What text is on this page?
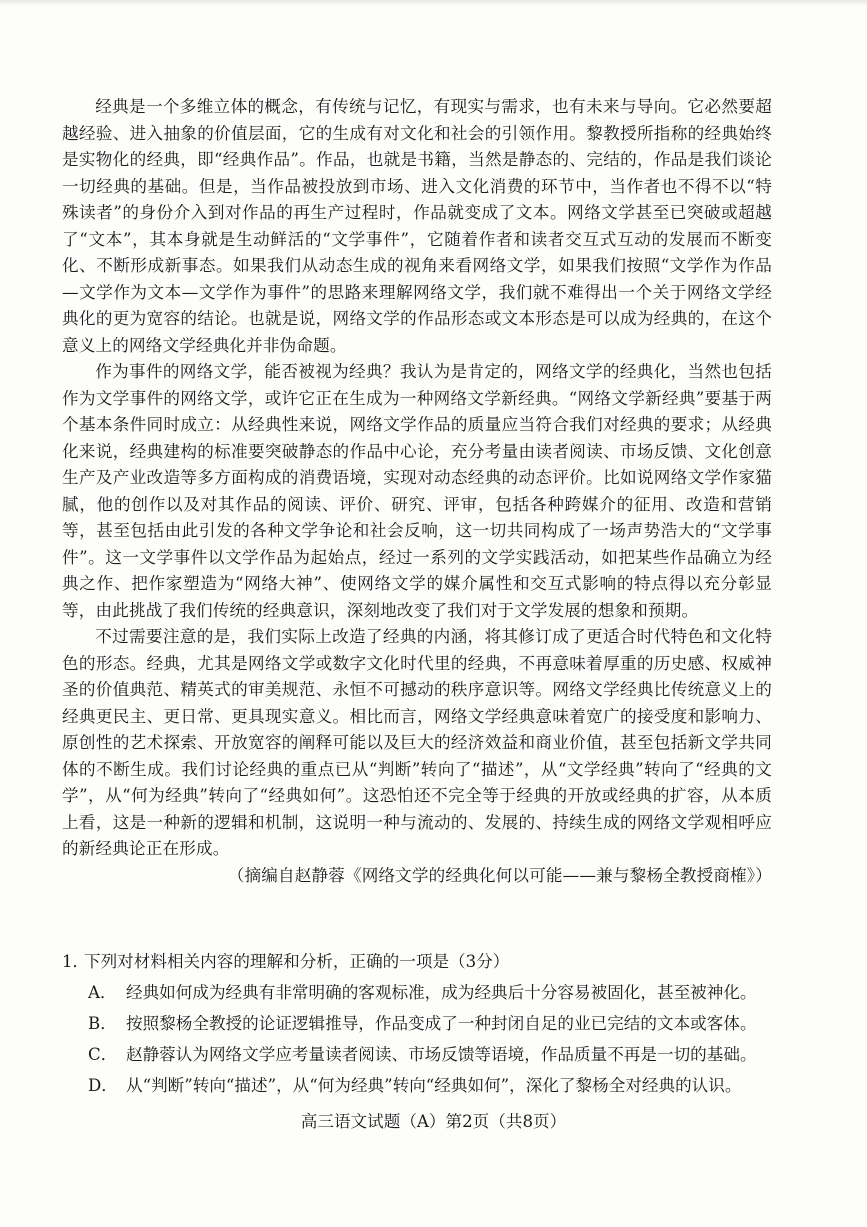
经典是一个多维立体的概念，有传统与记忆，有现实与需求，也有未来与导向。它必然要超越经验、进入抽象的价值层面，它的生成有对文化和社会的引领作用。黎教授所指称的经典始终是实物化的经典，即“经典作品”。作品，也就是书籍，当然是静态的、完结的，作品是我们谈论一切经典的基础。但是，当作品被投放到市场、进入文化消费的环节中，当作者也不得不以“特殊读者”的身份介入到对作品的再生产过程时，作品就变成了文本。网络文学甚至已突破或超越了“文本”，其本身就是生动鲜活的“文学事件”，它随着作者和读者交互式互动的发展而不断变化、不断形成新事态。如果我们从动态生成的视角来看网络文学，如果我们按照“文学作为作品—文学作为文本—文学作为事件”的思路来理解网络文学，我们就不难得出一个关于网络文学经典化的更为宽容的结论。也就是说，网络文学的作品形态或文本形态是可以成为经典的，在这个意义上的网络文学经典化并非伪命题。

作为事件的网络文学，能否被视为经典？我认为是肯定的，网络文学的经典化，当然也包括作为文学事件的网络文学，或许它正在生成为一种网络文学新经典。“网络文学新经典”要基于两个基本条件同时成立：从经典性来说，网络文学作品的质量应当符合我们对经典的要求；从经典化来说，经典建构的标准要突破静态的作品中心论，充分考量由读者阅读、市场反馈、文化创意生产及产业改造等多方面构成的消费语境，实现对动态经典的动态评价。比如说网络文学作家猫腻，他的创作以及对其作品的阅读、评价、研究、评审，包括各种跨媒介的征用、改造和营销等，甚至包括由此引发的各种文学争论和社会反响，这一切共同构成了一场声势浩大的“文学事件”。这一文学事件以文学作品为起始点，经过一系列的文学实践活动，如把某些作品确立为经典之作、把作家塑造为“网络大神”、使网络文学的媒介属性和交互式影响的特点得以充分彰显等，由此挑战了我们传统的经典意识，深刻地改变了我们对于文学发展的想象和预期。

不过需要注意的是，我们实际上改造了经典的内涵，将其修订成了更适合时代特色和文化特色的形态。经典，尤其是网络文学或数字文化时代里的经典，不再意味着厚重的历史感、权威神圣的价值典范、精英式的审美规范、永恒不可撼动的秩序意识等。网络文学经典比传统意义上的经典更民主、更日常、更具现实意义。相比而言，网络文学经典意味着宽广的接受度和影响力、原创性的艺术探索、开放宽容的阐释可能以及巨大的经济效益和商业价值，甚至包括新文学共同体的不断生成。我们讨论经典的重点已从“判断”转向了“描述”，从“文学经典”转向了“经典的文学”，从“何为经典”转向了“经典如何”。这恐怕还不完全等于经典的开放或经典的扩容，从本质上看，这是一种新的逻辑和机制，这说明一种与流动的、发展的、持续生成的网络文学观相呼应的新经典论正在形成。

（摘编自赵静蓉《网络文学的经典化何以可能——兼与黎杨全教授商榷》）

1．下列对材料相关内容的理解和分析，正确的一项是（3分）

A． 经典如何成为经典有非常明确的客观标准，成为经典后十分容易被固化，甚至被神化。
B． 按照黎杨全教授的论证逻辑推导，作品变成了一种封闭自足的业已完结的文本或客体。
C． 赵静蓉认为网络文学应考量读者阅读、市场反馈等语境，作品质量不再是一切的基础。
D． 从“判断”转向“描述”，从“何为经典”转向“经典如何”，深化了黎杨全对经典的认识。
高三语文试题（A）第2页（共8页）
